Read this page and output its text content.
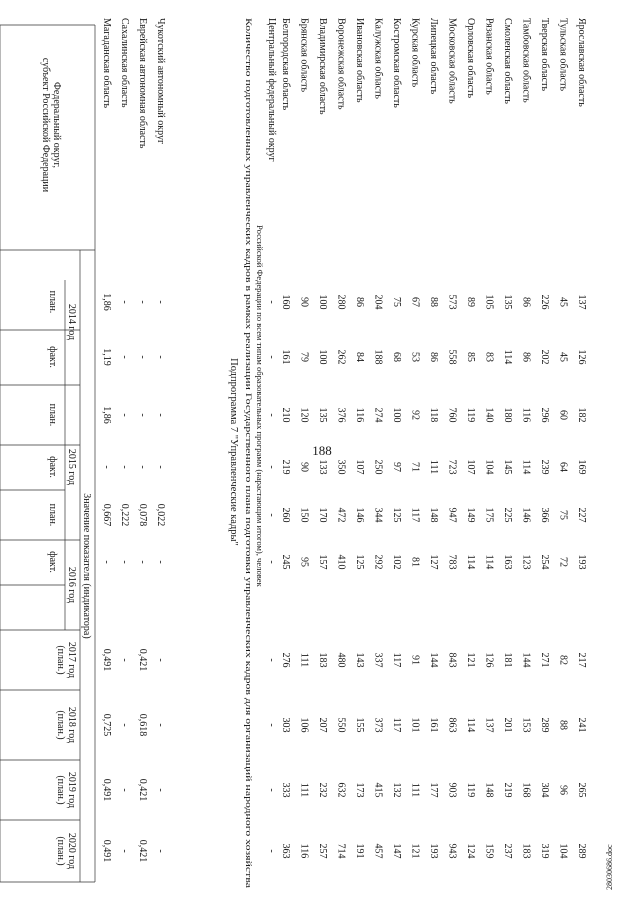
188
28030686.doc
Федеральный округ,
субъект Российской Федерации
Значение показателя (индикатора)
2014 год
2015 год
2016 год
2017 год
(план.)
2018 год
(план.)
2019 год
(план.)
2020 год
(план.)
план.
факт.
план.
факт.
план.
факт.
Магаданская область
1,86
1,19
1,86
-
0,667
-
0,491
0,725
0,491
0,491
Сахалинская область
-
-
-
-
0,222
-
-
-
-
-
Еврейская автономная область
-
-
-
-
0,078
-
0,421
0,618
0,421
0,421
Чукотский автономный округ
-
-
-
-
0,022
-
-
-
-
-
Подпрограмма 7 "Управленческие кадры" Количество подготовленных управленческих кадров в рамках реализации Государственного плана подготовки управленческих кадров для организаций народного хозяйства Российской Федерации по всем типам образовательных программ (нарастающим итогом), человек
Центральный федеральный округ
-
-
-
-
-
-
-
-
-
-
Белгородская область
160
161
210
219
260
245
276
303
333
363
Брянская область
90
79
120
90
150
95
111
106
111
116
Владимирская область
100
100
135
133
170
157
183
207
232
257
Воронежская область
280
262
376
350
472
410
480
550
632
714
Ивановская область
86
84
116
107
146
125
143
155
173
191
Калужская область
204
188
274
250
344
292
337
373
415
457
Костромская область
75
68
100
97
125
102
117
117
132
147
Курская область
67
53
92
71
117
81
91
101
111
121
Липецкая область
88
86
118
111
148
127
144
161
177
193
Московская область
573
558
760
723
947
783
843
863
903
943
Орловская область
89
85
119
107
149
114
121
114
119
124
Рязанская область
105
83
140
104
175
114
126
137
148
159
Смоленская область
135
114
180
145
225
163
181
201
219
237
Тамбовская область
86
86
116
114
146
123
144
153
168
183
Тверская область
226
202
296
239
366
254
271
289
304
319
Тульская область
45
45
60
64
75
72
82
88
96
104
Ярославская область
137
126
182
169
227
193
217
241
265
289
